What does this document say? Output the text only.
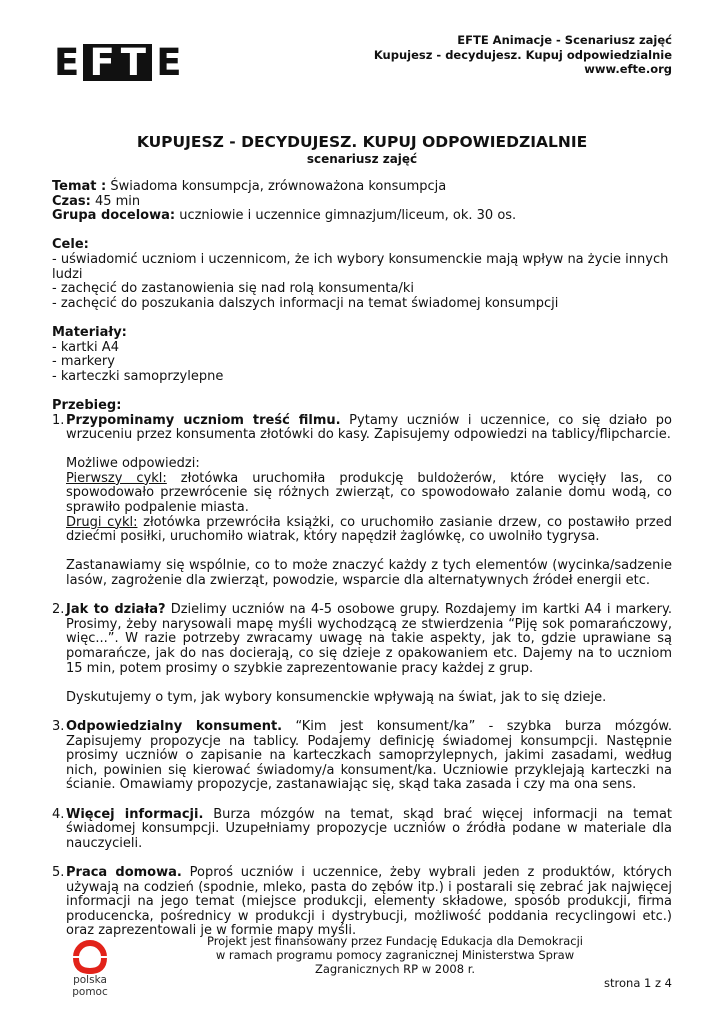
E FT E
EFTE Animacje - Scenariusz zajęć
Kupujesz - decydujesz. Kupuj odpowiedzialnie
www.efte.org
KUPUJESZ - DECYDUJESZ. KUPUJ ODPOWIEDZIALNIE
scenariusz zajęć

Temat : Świadoma konsumpcja, zrównoważona konsumpcja

Czas: 45 min

Grupa docelowa: uczniowie i uczennice gimnazjum/liceum, ok. 30 os.

Cele:

- uświadomić uczniom i uczennicom, że ich wybory konsumenckie mają wpływ na życie innych ludzi

- zachęcić do zastanowienia się nad rolą konsumenta/ki

- zachęcić do poszukania dalszych informacji na temat świadomej konsumpcji

Materiały:

- kartki A4

- markery

- karteczki samoprzylepne

Przebieg:

1. Przypominamy uczniom treść filmu. Pytamy uczniów i uczennice, co się działo po wrzuceniu przez konsumenta złotówki do kasy. Zapisujemy odpowiedzi na tablicy/flipcharcie.

Możliwe odpowiedzi:

Pierwszy cykl: złotówka uruchomiła produkcję buldożerów, które wycięły las, co spowodowało przewrócenie się różnych zwierząt, co spowodowało zalanie domu wodą, co sprawiło podpalenie miasta.

Drugi cykl: złotówka przewróciła książki, co uruchomiło zasianie drzew, co postawiło przed dziećmi posiłki, uruchomiło wiatrak, który napędził żaglówkę, co uwolniło tygrysa.

Zastanawiamy się wspólnie, co to może znaczyć każdy z tych elementów (wycinka/sadzenie lasów, zagrożenie dla zwierząt, powodzie, wsparcie dla alternatywnych źródeł energii etc.

2. Jak to działa? Dzielimy uczniów na 4-5 osobowe grupy. Rozdajemy im kartki A4 i markery. Prosimy, żeby narysowali mapę myśli wychodzącą ze stwierdzenia “Piję sok pomarańczowy, więc...”. W razie potrzeby zwracamy uwagę na takie aspekty, jak to, gdzie uprawiane są pomarańcze, jak do nas docierają, co się dzieje z opakowaniem etc. Dajemy na to uczniom 15 min, potem prosimy o szybkie zaprezentowanie pracy każdej z grup.

Dyskutujemy o tym, jak wybory konsumenckie wpływają na świat, jak to się dzieje.

3. Odpowiedzialny konsument. “Kim jest konsument/ka” - szybka burza mózgów. Zapisujemy propozycje na tablicy. Podajemy definicję świadomej konsumpcji. Następnie prosimy uczniów o zapisanie na karteczkach samoprzylepnych, jakimi zasadami, według nich, powinien się kierować świadomy/a konsument/ka. Uczniowie przyklejają karteczki na ścianie. Omawiamy propozycje, zastanawiając się, skąd taka zasada i czy ma ona sens.

4. Więcej informacji. Burza mózgów na temat, skąd brać więcej informacji na temat świadomej konsumpcji. Uzupełniamy propozycje uczniów o źródła podane w materiale dla nauczycieli.

5. Praca domowa. Poproś uczniów i uczennice, żeby wybrali jeden z produktów, których używają na codzień (spodnie, mleko, pasta do zębów itp.) i postarali się zebrać jak najwięcej informacji na jego temat (miejsce produkcji, elementy składowe, sposób produkcji, firma producencka, pośrednicy w produkcji i dystrybucji, możliwość poddania recyclingowi etc.) oraz zaprezentowali je w formie mapy myśli.

polska pomoc
Projekt jest finansowany przez Fundację Edukacja dla Demokracji
w ramach programu pomocy zagranicznej Ministerstwa Spraw
Zagranicznych RP w 2008 r.
strona 1 z 4
